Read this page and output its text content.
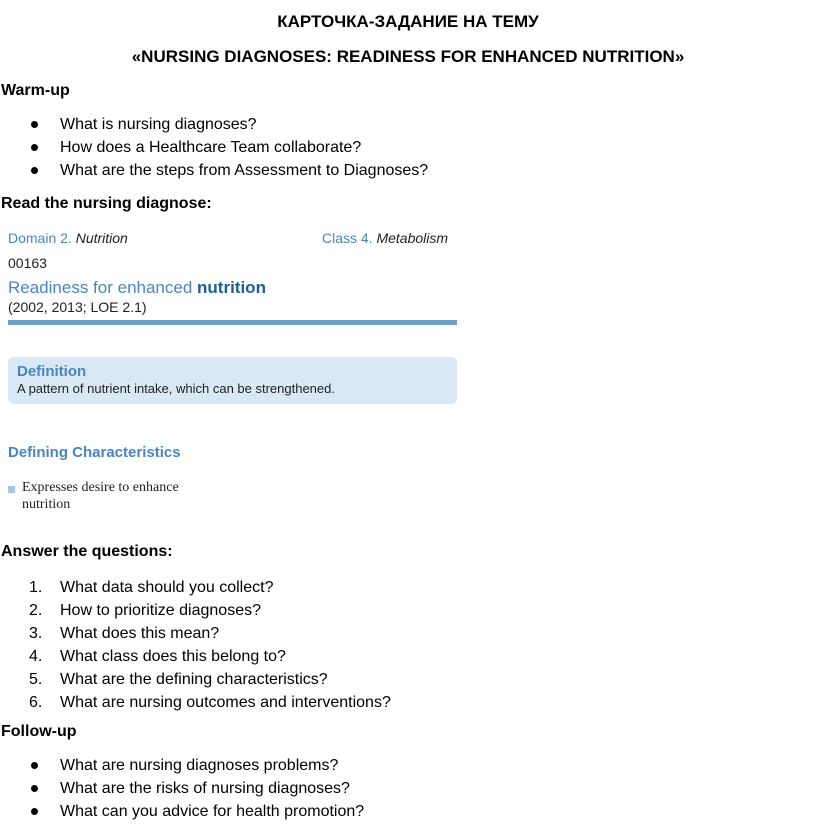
КАРТОЧКА-ЗАДАНИЕ НА ТЕМУ
«NURSING DIAGNOSES: READINESS FOR ENHANCED NUTRITION»
Warm-up
What is nursing diagnoses?
How does a Healthcare Team collaborate?
What are the steps from Assessment to Diagnoses?
Read the nursing diagnose:
Domain 2. Nutrition	Class 4. Metabolism
00163
Readiness for enhanced nutrition
(2002, 2013; LOE 2.1)
Definition
A pattern of nutrient intake, which can be strengthened.
Defining Characteristics
Expresses desire to enhance nutrition
Answer the questions:
1. What data should you collect?
2. How to prioritize diagnoses?
3. What does this mean?
4. What class does this belong to?
5. What are the defining characteristics?
6. What are nursing outcomes and interventions?
Follow-up
What are nursing diagnoses problems?
What are the risks of nursing diagnoses?
What can you advice for health promotion?
